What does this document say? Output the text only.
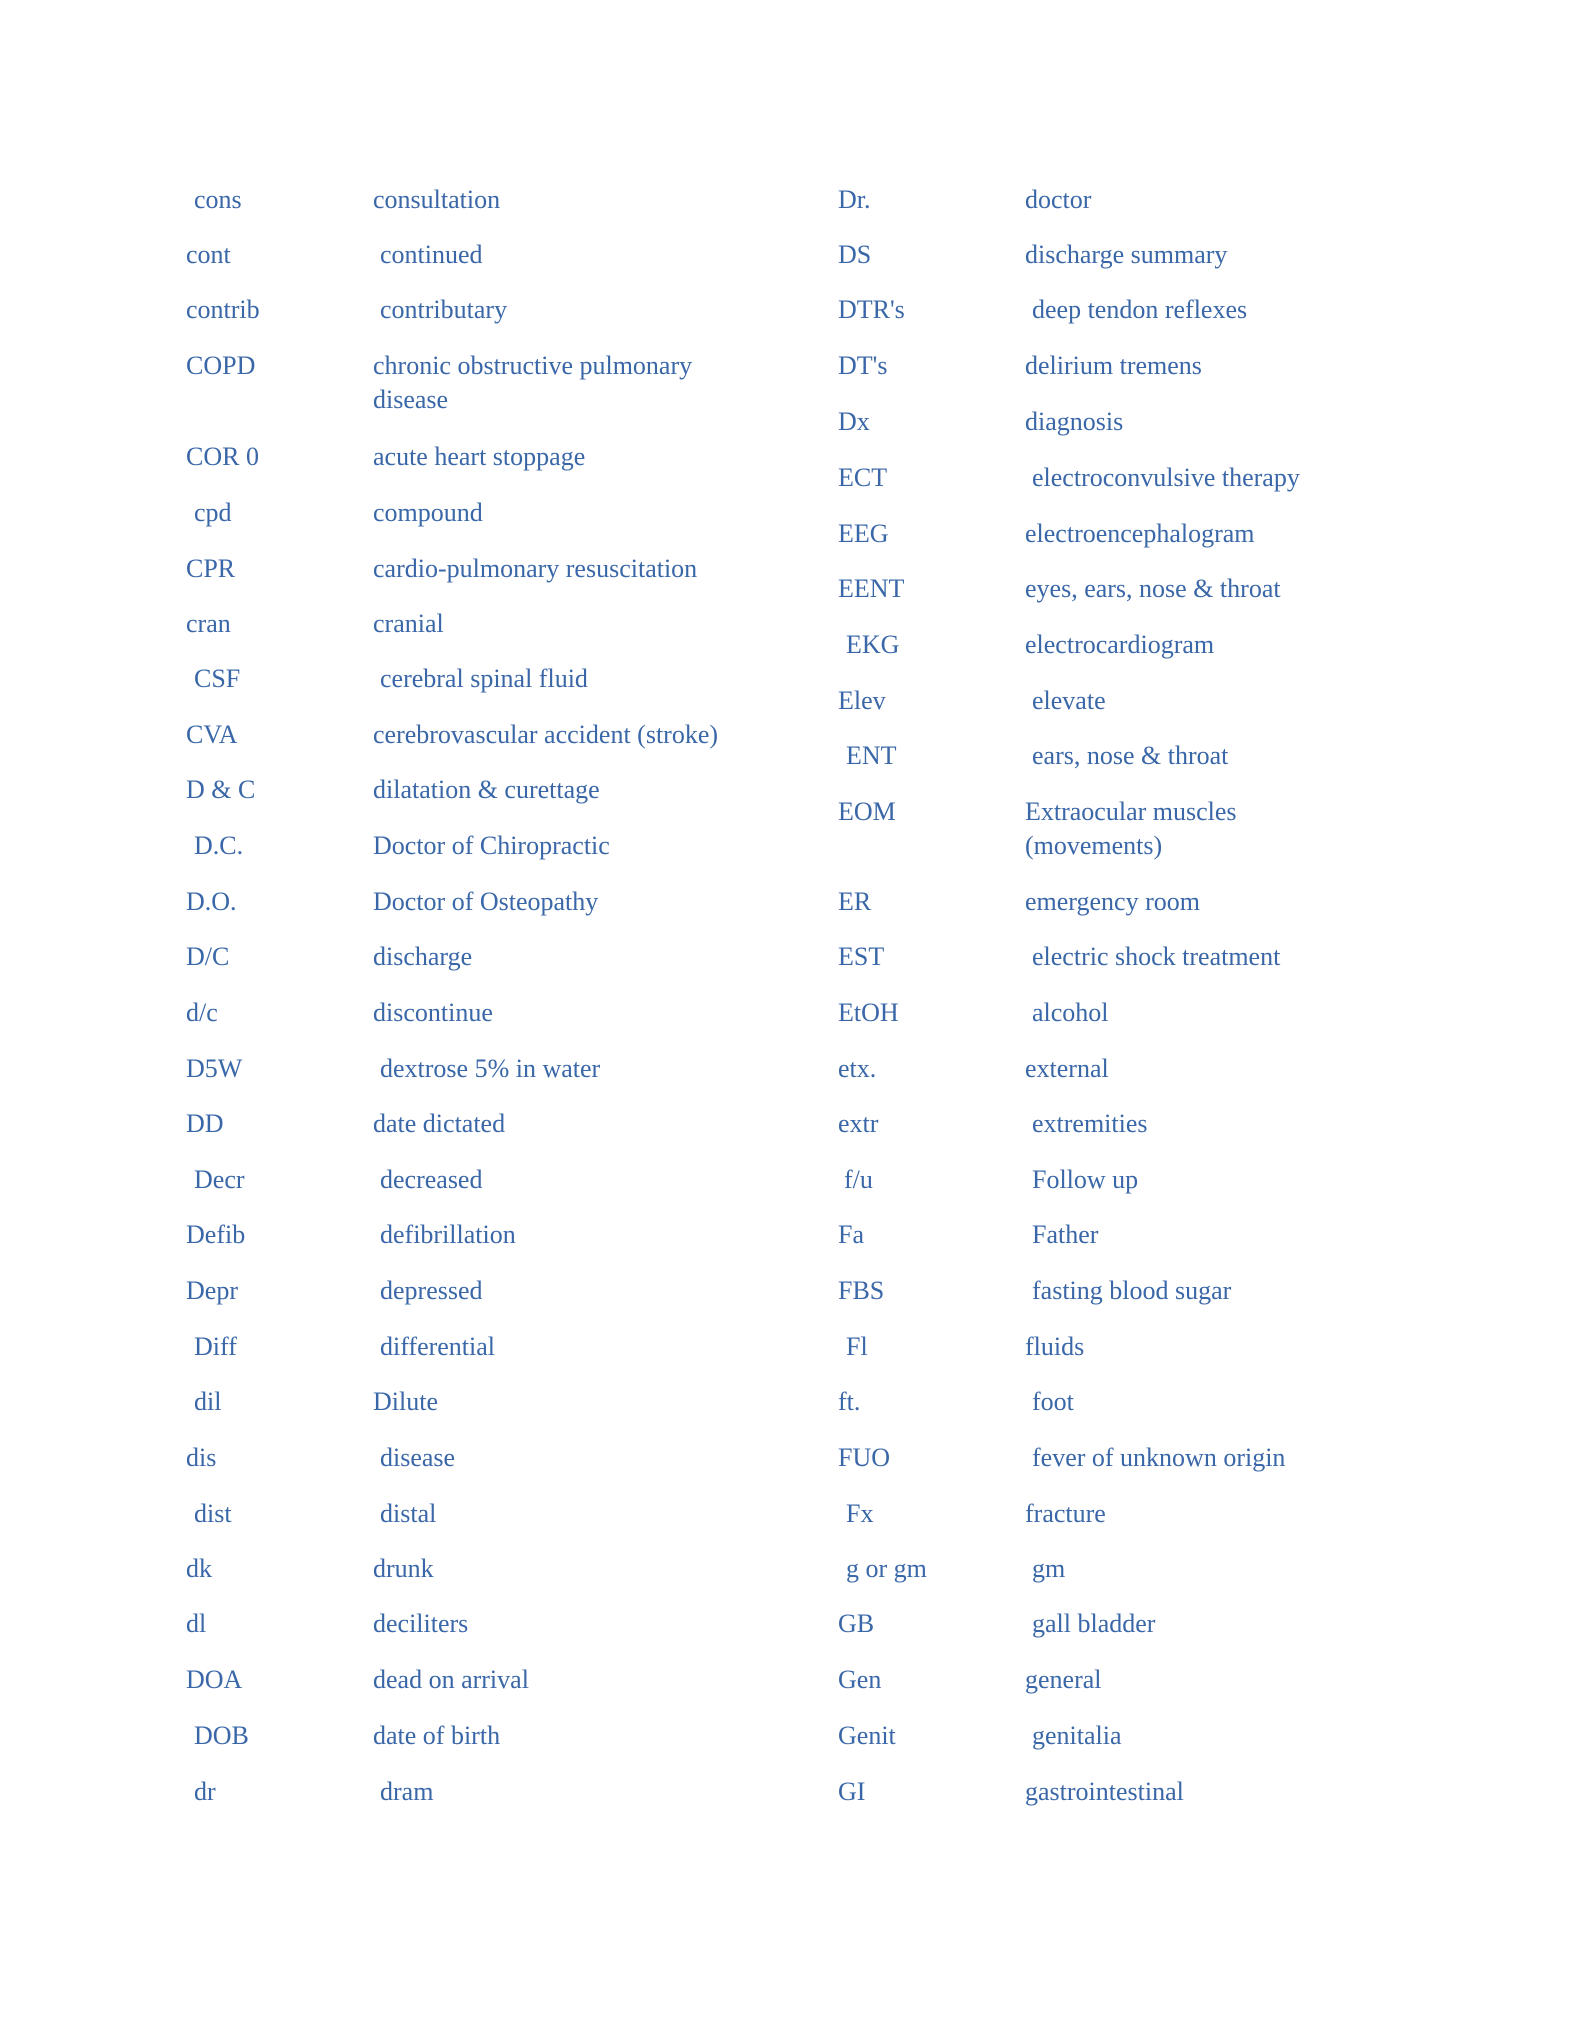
cons	consultation
cont	continued
contrib	contributary
COPD	chronic obstructive pulmonary disease
COR 0	acute heart stoppage
cpd	compound
CPR	cardio-pulmonary resuscitation
cran	cranial
CSF	cerebral spinal fluid
CVA	cerebrovascular accident (stroke)
D & C	dilatation & curettage
D.C.	Doctor of Chiropractic
D.O.	Doctor of Osteopathy
D/C	discharge
d/c	discontinue
D5W	dextrose 5% in water
DD	date dictated
Decr	decreased
Defib	defibrillation
Depr	depressed
Diff	differential
dil	Dilute
dis	disease
dist	distal
dk	drunk
dl	deciliters
DOA	dead on arrival
DOB	date of birth
dr	dram
Dr.	doctor
DS	discharge summary
DTR's	deep tendon reflexes
DT's	delirium tremens
Dx	diagnosis
ECT	electroconvulsive therapy
EEG	electroencephalogram
EENT	eyes, ears, nose & throat
EKG	electrocardiogram
Elev	elevate
ENT	ears, nose & throat
EOM	Extraocular muscles (movements)
ER	emergency room
EST	electric shock treatment
EtOH	alcohol
etx.	external
extr	extremities
f/u	Follow up
Fa	Father
FBS	fasting blood sugar
Fl	fluids
ft.	foot
FUO	fever of unknown origin
Fx	fracture
g or gm	gm
GB	gall bladder
Gen	general
Genit	genitalia
GI	gastrointestinal
